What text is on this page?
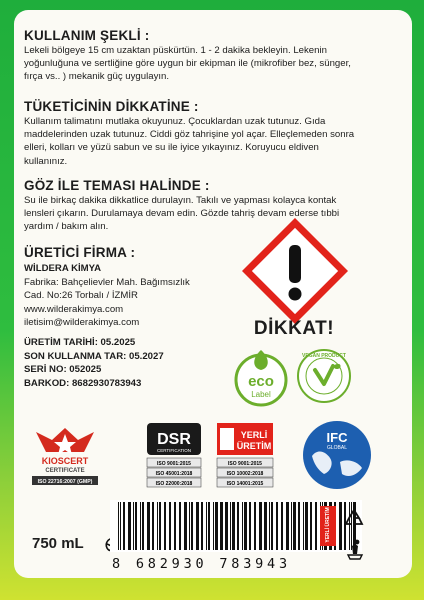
KULLANIM ŞEKLİ :
Lekeli bölgeye 15 cm uzaktan püskürtün. 1 - 2 dakika bekleyin. Lekenin
yoğunluğuna ve sertliğine göre uygun bir ekipman ile (mikrofiber bez, sünger,
fırça vs.. ) mekanik güç uygulayın.
TÜKETİCİNİN DİKKATİNE :
Kullanım talimatını mutlaka okuyunuz. Çocuklardan uzak tutunuz. Gıda
maddelerinden uzak tutunuz. Ciddi göz tahrişine yol açar. Elleçlemeden sonra
elleri, kolları ve yüzü sabun ve su ile iyice yıkayınız. Koruyucu eldiven
kullanınız.
GÖZ İLE TEMASI HALİNDE :
Su ile birkaç dakika dikkatlice durulayın. Takılı ve yapması kolayca kontak
lensleri çıkarın. Durulamaya devam edin. Gözde tahriş devam ederse tıbbi
yardım / bakım alın.
ÜRETİCİ FİRMA :
WİLDERA KİMYA
Fabrika: Bahçelievler Mah. Bağımsızlık
Cad. No:26 Torbalı / İZMİR
www.wilderakimya.com
iletisim@wilderakimya.com
ÜRETİM TARİHİ: 05.2025
SON KULLANMA TAR: 05.2027
SERİ NO: 052025
BARKOD: 8682930783943
DİKKAT!
eco
Label
VEGAN PRODUCT
KIOSCERT
CERTIFICATE
ISO 22716:2007 (GMP)
DSR
CERTIFICATION
ISO 9001:2015
ISO 45001:2018
ISO 22000:2018
YERLİ
ÜRETİM
ISO 9001:2015
ISO 10002:2018
ISO 14001:2015
IFC
GLOBAL
750 mL
8 682930 783943
YERLİ ÜRETİM
